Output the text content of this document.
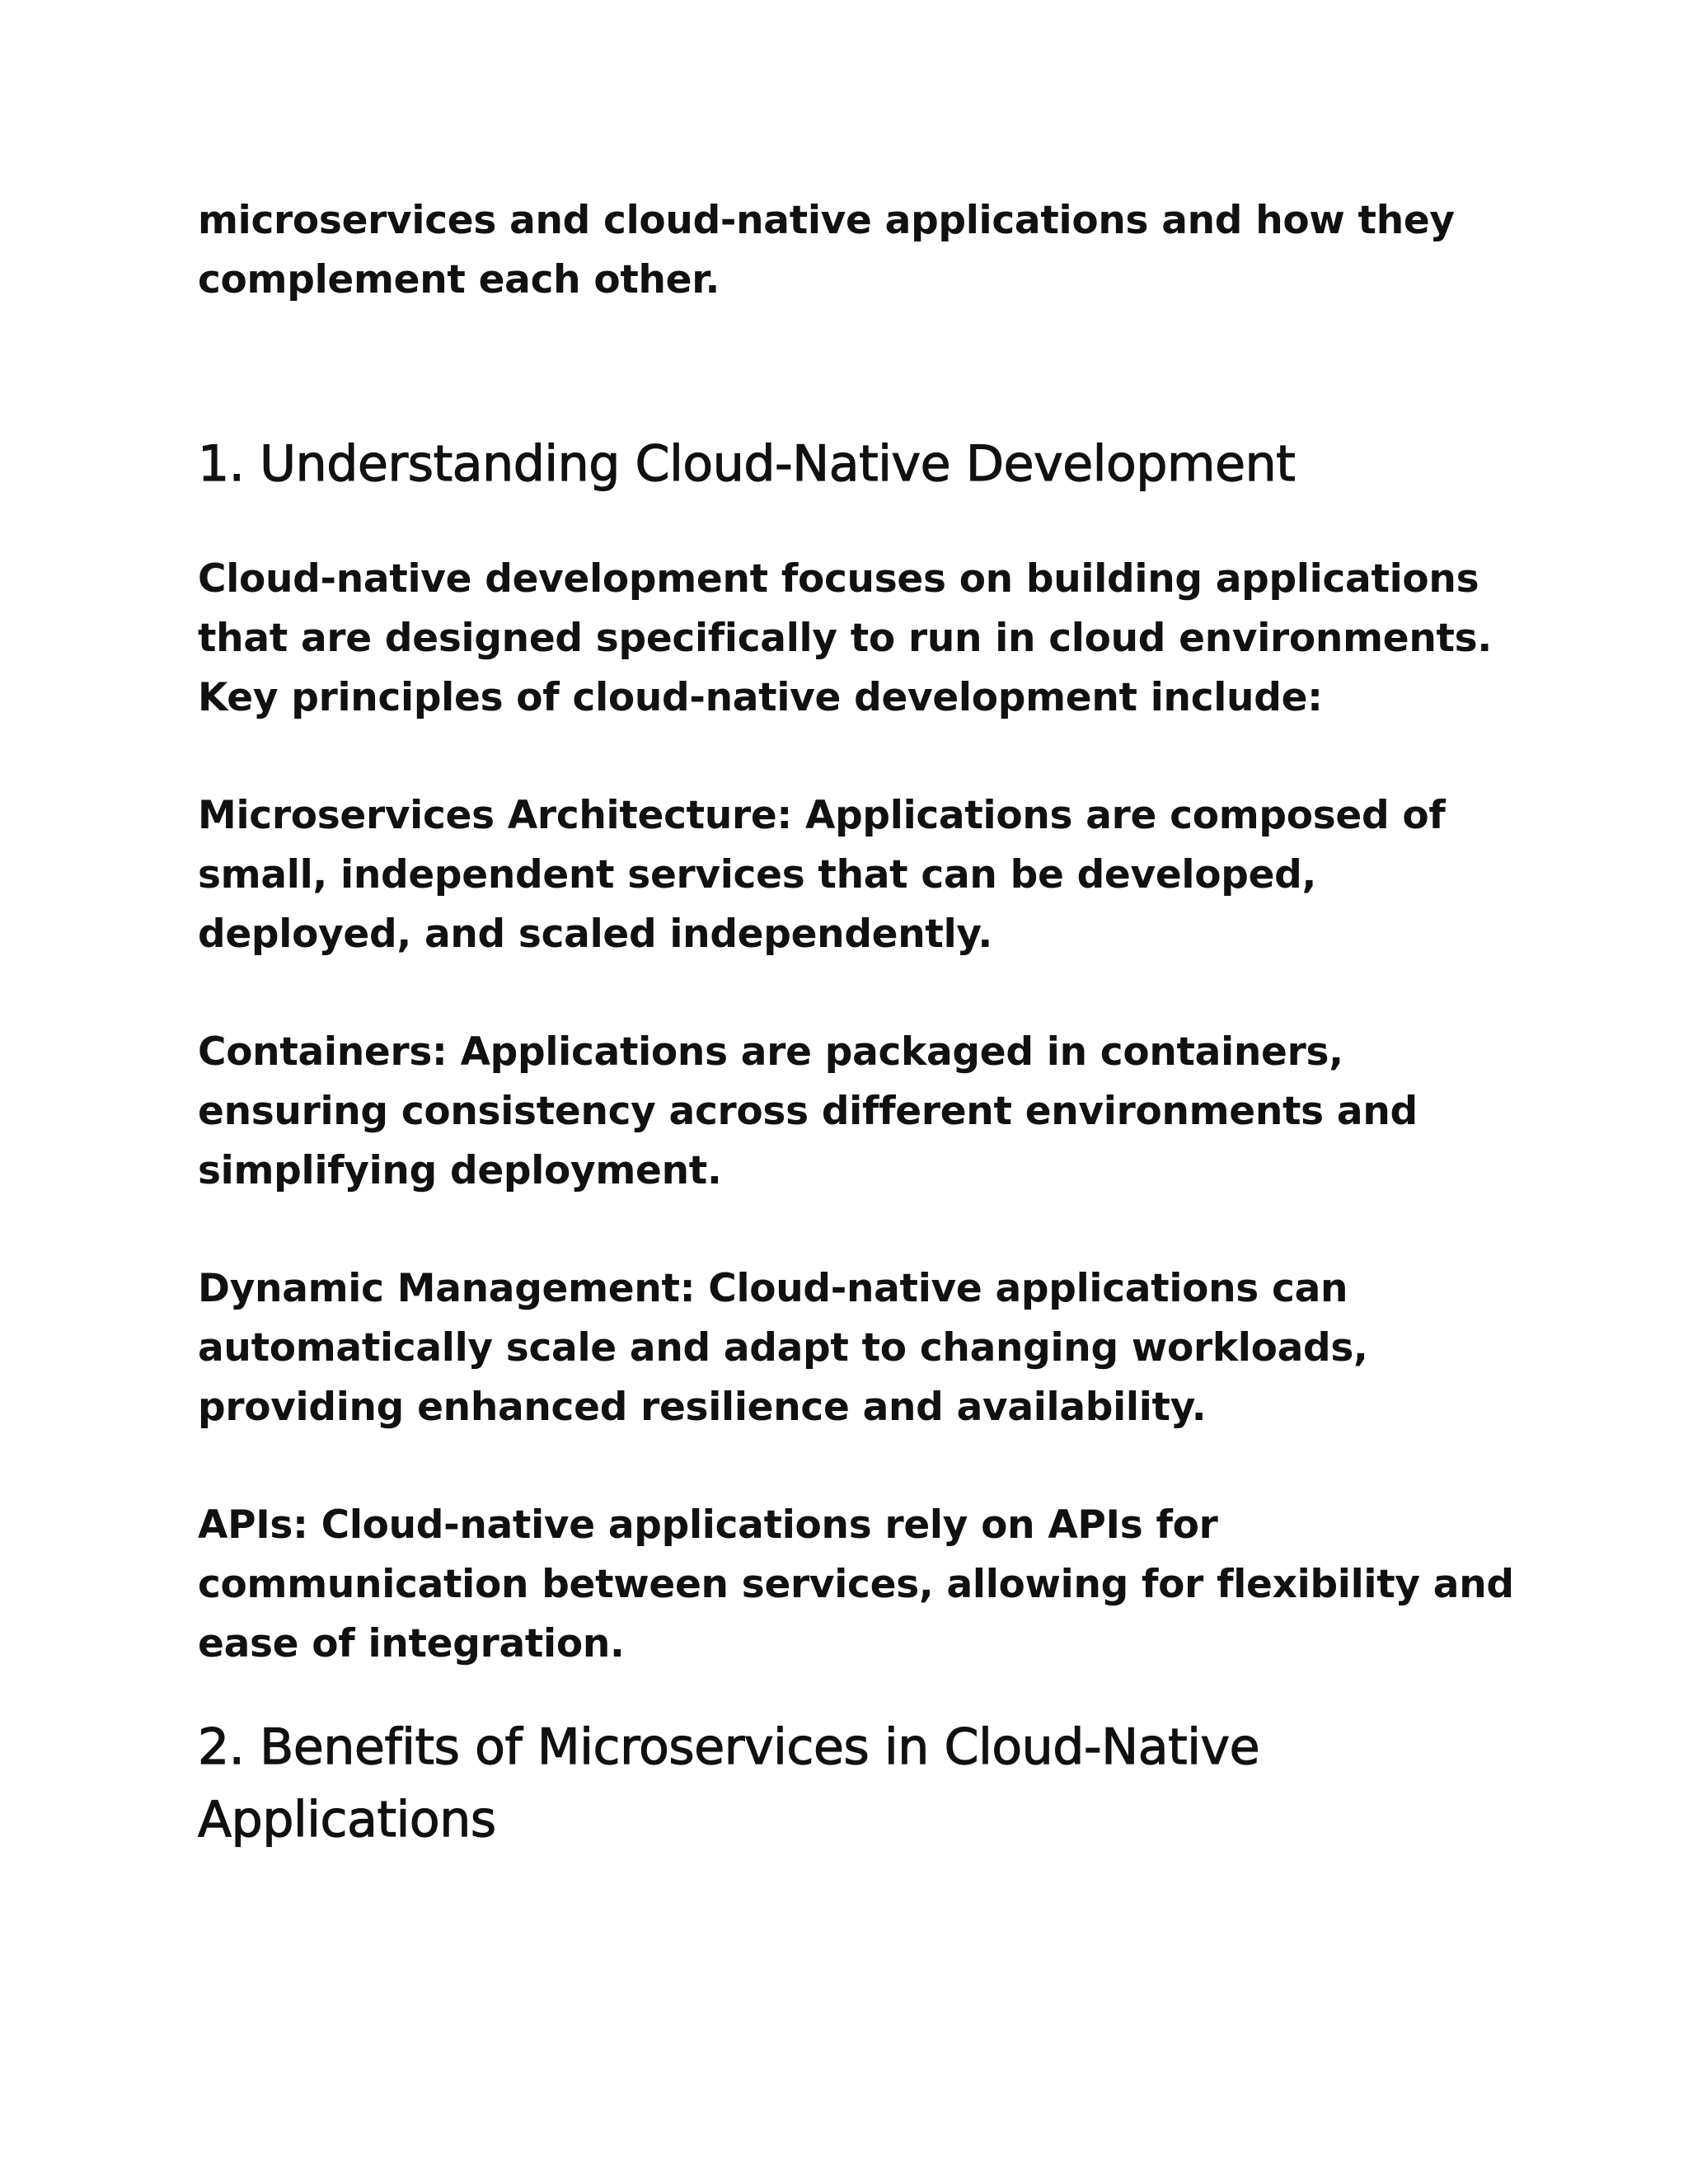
microservices and cloud-native applications and how they
complement each other.

1. Understanding Cloud-Native Development

Cloud-native development focuses on building applications
that are designed specifically to run in cloud environments.
Key principles of cloud-native development include:

Microservices Architecture: Applications are composed of
small, independent services that can be developed,
deployed, and scaled independently.

Containers: Applications are packaged in containers,
ensuring consistency across different environments and
simplifying deployment.

Dynamic Management: Cloud-native applications can
automatically scale and adapt to changing workloads,
providing enhanced resilience and availability.

APIs: Cloud-native applications rely on APIs for
communication between services, allowing for flexibility and
ease of integration.

2. Benefits of Microservices in Cloud-Native
Applications
